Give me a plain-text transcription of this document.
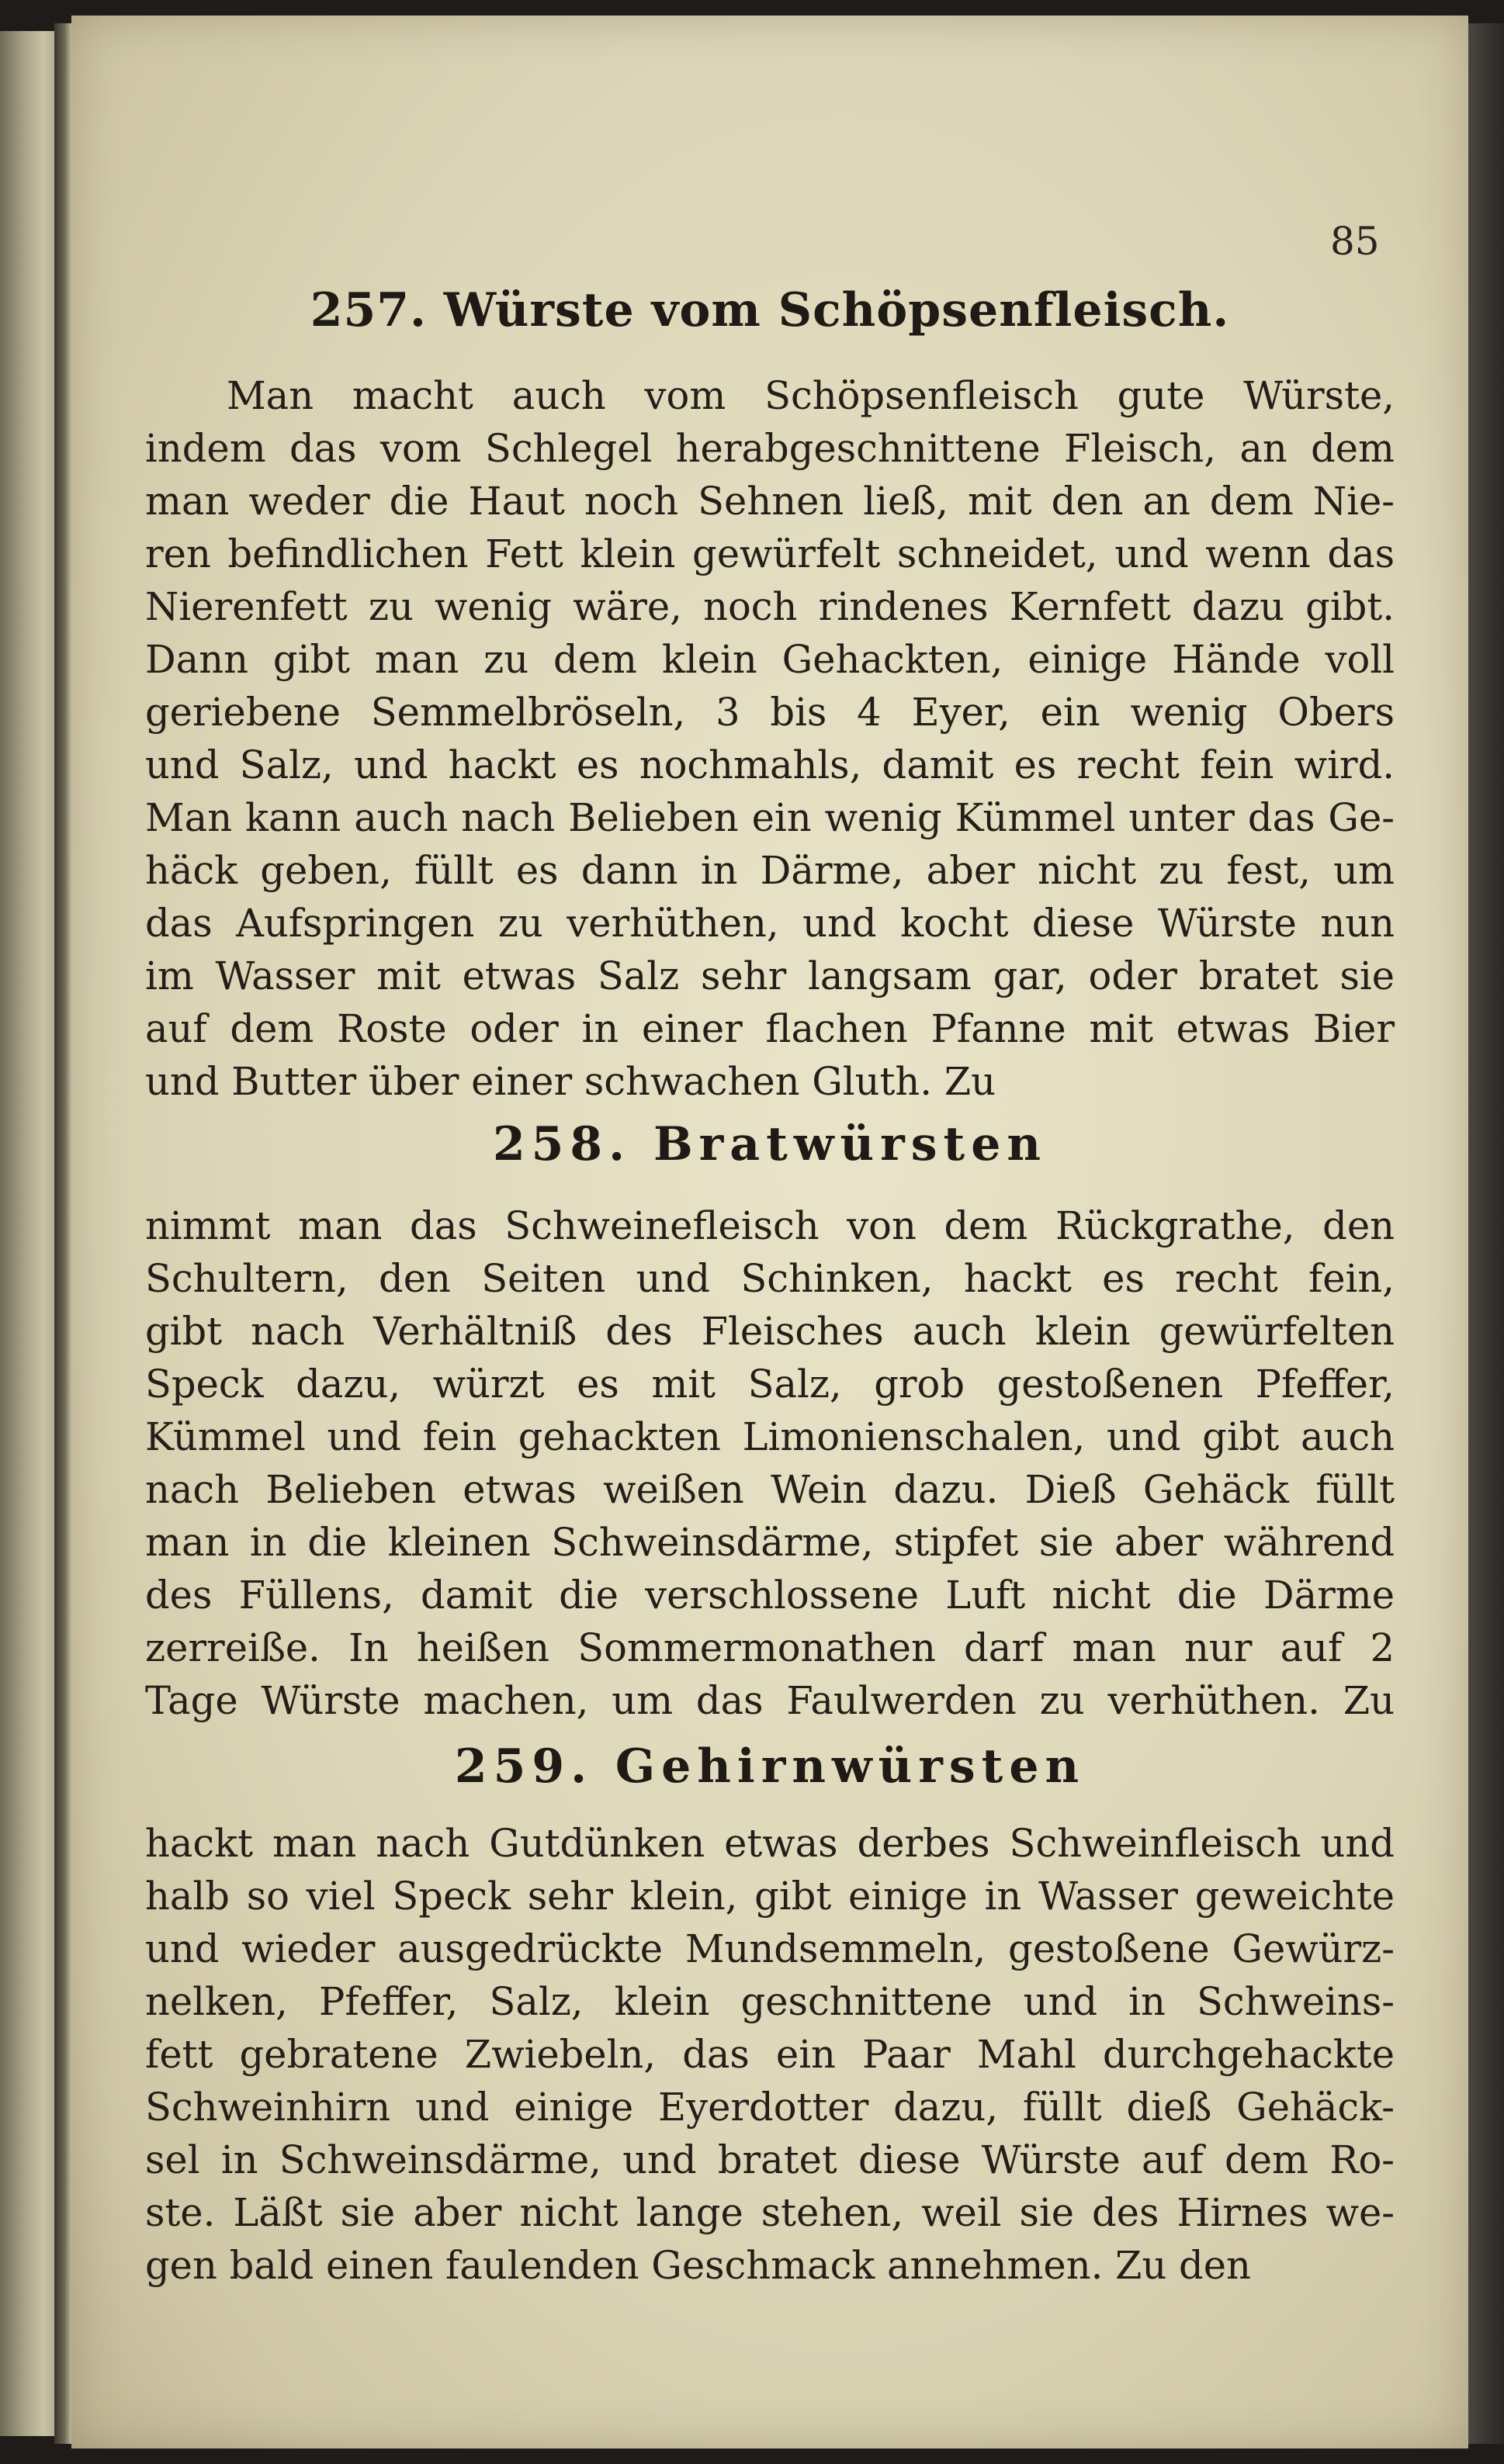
85
257. Würste vom Schöpsenfleisch.
Man macht auch vom Schöpsenfleisch gute Würste,
indem das vom Schlegel herabgeschnittene Fleisch, an dem
man weder die Haut noch Sehnen ließ, mit den an dem Nie-
ren befindlichen Fett klein gewürfelt schneidet, und wenn das
Nierenfett zu wenig wäre, noch rindenes Kernfett dazu gibt.
Dann gibt man zu dem klein Gehackten, einige Hände voll
geriebene Semmelbröseln, 3 bis 4 Eyer, ein wenig Obers
und Salz, und hackt es nochmahls, damit es recht fein wird.
Man kann auch nach Belieben ein wenig Kümmel unter das Ge-
häck geben, füllt es dann in Därme, aber nicht zu fest, um
das Aufspringen zu verhüthen, und kocht diese Würste nun
im Wasser mit etwas Salz sehr langsam gar, oder bratet sie
auf dem Roste oder in einer flachen Pfanne mit etwas Bier
und Butter über einer schwachen Gluth. Zu
258. Bratwürsten
nimmt man das Schweinefleisch von dem Rückgrathe, den
Schultern, den Seiten und Schinken, hackt es recht fein,
gibt nach Verhältniß des Fleisches auch klein gewürfelten
Speck dazu, würzt es mit Salz, grob gestoßenen Pfeffer,
Kümmel und fein gehackten Limonienschalen, und gibt auch
nach Belieben etwas weißen Wein dazu. Dieß Gehäck füllt
man in die kleinen Schweinsdärme, stipfet sie aber während
des Füllens, damit die verschlossene Luft nicht die Därme
zerreiße. In heißen Sommermonathen darf man nur auf 2
Tage Würste machen, um das Faulwerden zu verhüthen. Zu
259. Gehirnwürsten
hackt man nach Gutdünken etwas derbes Schweinfleisch und
halb so viel Speck sehr klein, gibt einige in Wasser geweichte
und wieder ausgedrückte Mundsemmeln, gestoßene Gewürz-
nelken, Pfeffer, Salz, klein geschnittene und in Schweins-
fett gebratene Zwiebeln, das ein Paar Mahl durchgehackte
Schweinhirn und einige Eyerdotter dazu, füllt dieß Gehäck-
sel in Schweinsdärme, und bratet diese Würste auf dem Ro-
ste. Läßt sie aber nicht lange stehen, weil sie des Hirnes we-
gen bald einen faulenden Geschmack annehmen. Zu den
